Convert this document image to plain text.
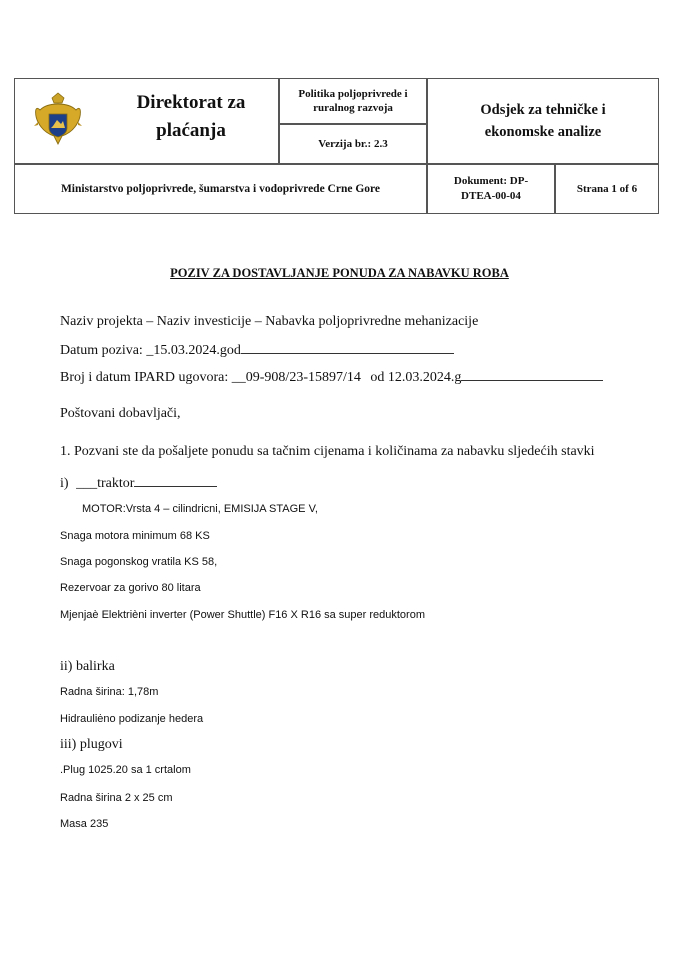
Direktorat za plaćanja
Politika poljoprivrede i ruralnog razvoja
Verzija br.: 2.3
Odsjek za tehničke i ekonomske analize
Ministarstvo poljoprivrede, šumarstva i vodoprivrede Crne Gore
Dokument: DP-DTEA-00-04
Strana 1 of 6
POZIV ZA DOSTAVLJANJE PONUDA ZA NABAVKU ROBA
Naziv projekta – Naziv investicije – Nabavka poljoprivredne mehanizacije
Datum poziva: _15.03.2024.god
Broj i datum IPARD ugovora: __09-908/23-15897/14 od 12.03.2024.g
Poštovani dobavljači,
1. Pozvani ste da pošaljete ponudu sa tačnim cijenama i količinama za nabavku sljedećih stavki
i) ___traktor
MOTOR:Vrsta 4 – cilindricni, EMISIJA STAGE V,
Snaga motora minimum 68 KS
Snaga pogonskog vratila KS 58,
Rezervoar za gorivo 80 litara
Mjenjaè Elektrièni inverter (Power Shuttle) F16 X R16 sa super reduktorom
ii) balirka
Radna širina: 1,78m
Hidrauliėno podizanje hedera
iii) plugovi
.Plug 1025.20 sa 1 crtalom
Radna širina 2 x 25 cm
Masa 235
